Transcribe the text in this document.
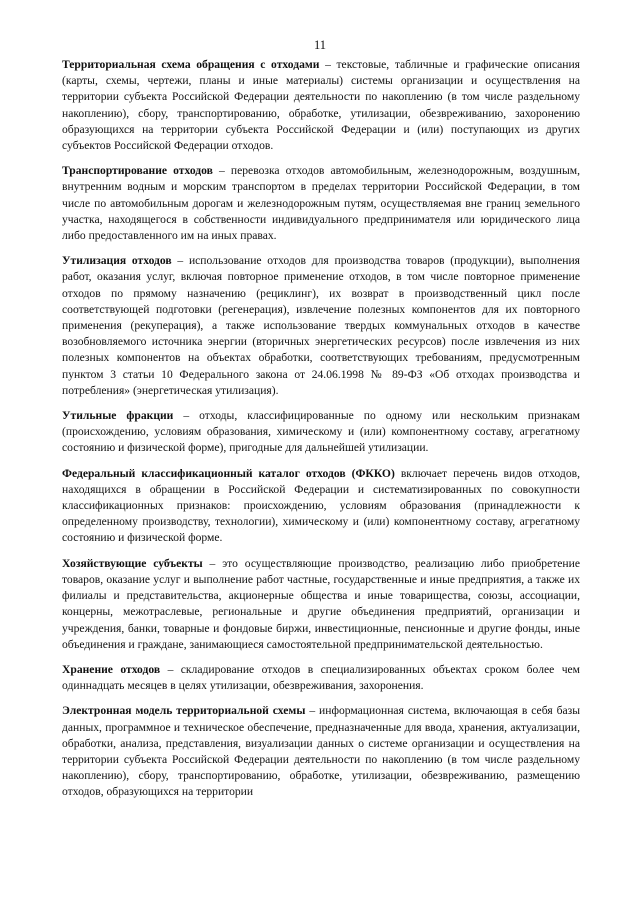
11

Территориальная схема обращения с отходами – текстовые, табличные и графические описания (карты, схемы, чертежи, планы и иные материалы) системы организации и осуществления на территории субъекта Российской Федерации деятельности по накоплению (в том числе раздельному накоплению), сбору, транспортированию, обработке, утилизации, обезвреживанию, захоронению образующихся на территории субъекта Российской Федерации и (или) поступающих из других субъектов Российской Федерации отходов.

Транспортирование отходов – перевозка отходов автомобильным, железнодорожным, воздушным, внутренним водным и морским транспортом в пределах территории Российской Федерации, в том числе по автомобильным дорогам и железнодорожным путям, осуществляемая вне границ земельного участка, находящегося в собственности индивидуального предпринимателя или юридического лица либо предоставленного им на иных правах.

Утилизация отходов – использование отходов для производства товаров (продукции), выполнения работ, оказания услуг, включая повторное применение отходов, в том числе повторное применение отходов по прямому назначению (рециклинг), их возврат в производственный цикл после соответствующей подготовки (регенерация), извлечение полезных компонентов для их повторного применения (рекуперация), а также использование твердых коммунальных отходов в качестве возобновляемого источника энергии (вторичных энергетических ресурсов) после извлечения из них полезных компонентов на объектах обработки, соответствующих требованиям, предусмотренным пунктом 3 статьи 10 Федерального закона от 24.06.1998 № 89-ФЗ «Об отходах производства и потребления» (энергетическая утилизация).

Утильные фракции – отходы, классифицированные по одному или нескольким признакам (происхождению, условиям образования, химическому и (или) компонентному составу, агрегатному состоянию и физической форме), пригодные для дальнейшей утилизации.

Федеральный классификационный каталог отходов (ФККО) включает перечень видов отходов, находящихся в обращении в Российской Федерации и систематизированных по совокупности классификационных признаков: происхождению, условиям образования (принадлежности к определенному производству, технологии), химическому и (или) компонентному составу, агрегатному состоянию и физической форме.

Хозяйствующие субъекты – это осуществляющие производство, реализацию либо приобретение товаров, оказание услуг и выполнение работ частные, государственные и иные предприятия, а также их филиалы и представительства, акционерные общества и иные товарищества, союзы, ассоциации, концерны, межотраслевые, региональные и другие объединения предприятий, организации и учреждения, банки, товарные и фондовые биржи, инвестиционные, пенсионные и другие фонды, иные объединения и граждане, занимающиеся самостоятельной предпринимательской деятельностью.

Хранение отходов – складирование отходов в специализированных объектах сроком более чем одиннадцать месяцев в целях утилизации, обезвреживания, захоронения.

Электронная модель территориальной схемы – информационная система, включающая в себя базы данных, программное и техническое обеспечение, предназначенные для ввода, хранения, актуализации, обработки, анализа, представления, визуализации данных о системе организации и осуществления на территории субъекта Российской Федерации деятельности по накоплению (в том числе раздельному накоплению), сбору, транспортированию, обработке, утилизации, обезвреживанию, размещению отходов, образующихся на территории
